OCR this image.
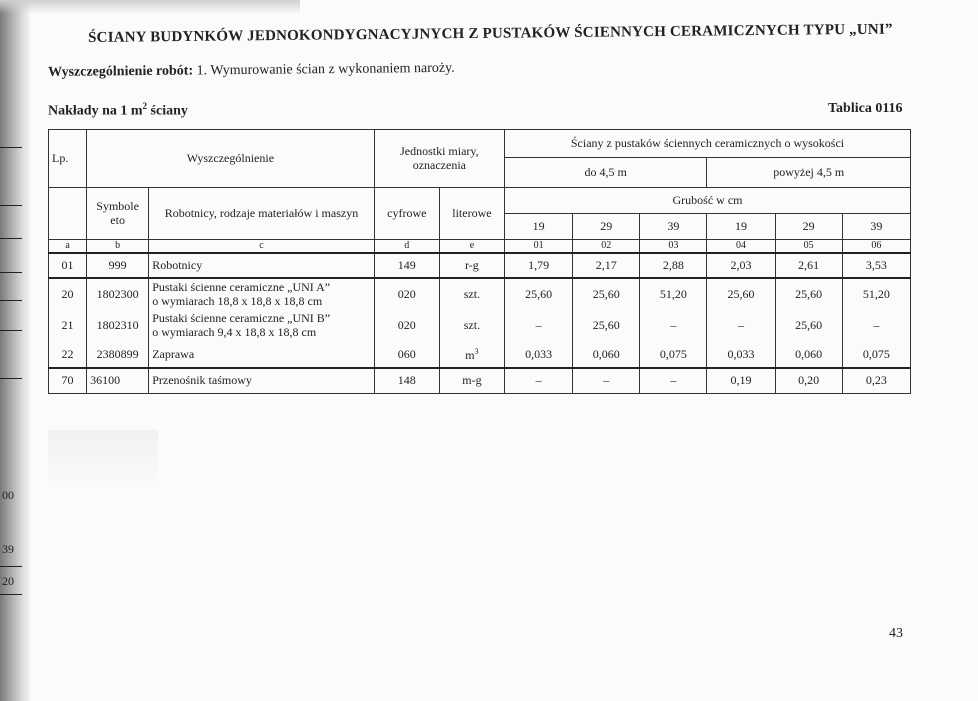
00
39
20
ŚCIANY BUDYNKÓW JEDNOKONDYGNACYJNYCH Z PUSTAKÓW ŚCIENNYCH CERAMICZNYCH TYPU „UNI”
Wyszczególnienie robót: 1. Wymurowanie ścian z wykonaniem naroży.
Nakłady na 1 $m^2$ ściany	Tablica 0116
Lp.	Wyszczególnienie		Jednostki miary, oznaczenia		Ściany z pustaków ściennych ceramicznych o wysokości					
					do 4,5 m			powyżej 4,5 m		
	Symbole eto	Robotnicy, rodzaje materiałów i maszyn	cyfrowe	literowe	Grubość w cm					
					19	29	39	19	29	39
a	b	c	d	e	01	02	03	04	05	06
01	999	Robotnicy	149	r-g	1,79	2,17	2,88	2,03	2,61	3,53
20	1802300	Pustaki ścienne ceramiczne „UNI A”
o wymiarach 18,8 x 18,8 x 18,8 cm	020	szt.	25,60	25,60	51,20	25,60	25,60	51,20
21	1802310	Pustaki ścienne ceramiczne „UNI B”
o wymiarach 9,4 x 18,8 x 18,8 cm	020	szt.	–	25,60	–	–	25,60	–
22	2380899	Zaprawa	060	$m^3$	0,033	0,060	0,075	0,033	0,060	0,075
70	36100	Przenośnik taśmowy	148	m-g	–	–	–	0,19	0,20	0,23
43
